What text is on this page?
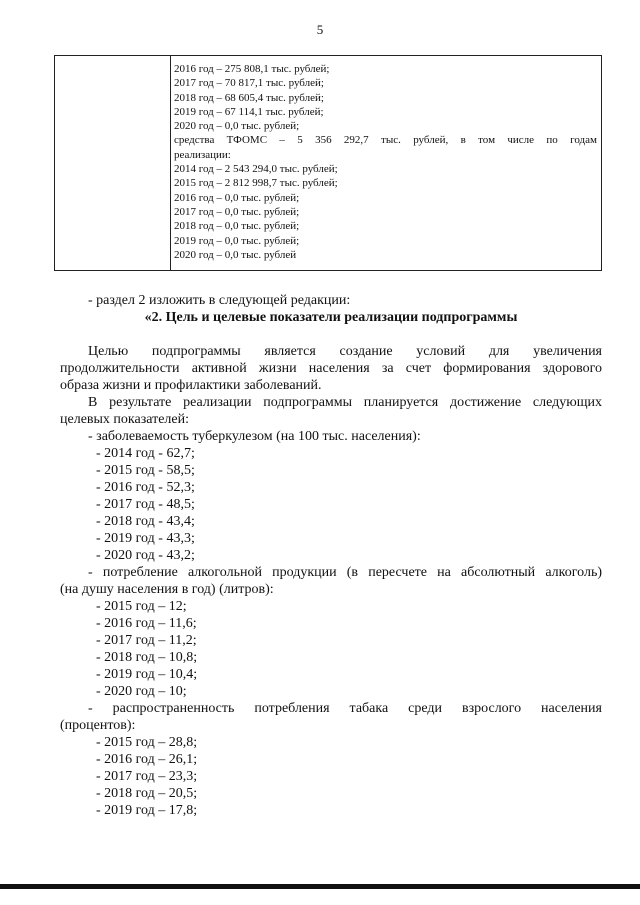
5
2016 год – 275 808,1 тыс. рублей;
2017 год – 70 817,1 тыс. рублей;
2018 год – 68 605,4 тыс. рублей;
2019 год – 67 114,1 тыс. рублей;
2020 год – 0,0 тыс. рублей;
средства ТФОМС – 5 356 292,7 тыс. рублей, в том числе по годам
реализации:
2014 год – 2 543 294,0 тыс. рублей;
2015 год – 2 812 998,7 тыс. рублей;
2016 год – 0,0 тыс. рублей;
2017 год – 0,0 тыс. рублей;
2018 год – 0,0 тыс. рублей;
2019 год – 0,0 тыс. рублей;
2020 год – 0,0 тыс. рублей
- раздел 2 изложить в следующей редакции:
«2. Цель и целевые показатели реализации подпрограммы
Целью подпрограммы является создание условий для увеличения
продолжительности активной жизни населения за счет формирования здорового
образа жизни и профилактики заболеваний.
В результате реализации подпрограммы планируется достижение следующих
целевых показателей:
- заболеваемость туберкулезом (на 100 тыс. населения):
- 2014 год - 62,7;
- 2015 год - 58,5;
- 2016 год - 52,3;
- 2017 год - 48,5;
- 2018 год - 43,4;
- 2019 год - 43,3;
- 2020 год - 43,2;
- потребление алкогольной продукции (в пересчете на абсолютный алкоголь)
(на душу населения в год) (литров):
- 2015 год – 12;
- 2016 год – 11,6;
- 2017 год – 11,2;
- 2018 год – 10,8;
- 2019 год – 10,4;
- 2020 год – 10;
- распространенность потребления табака среди взрослого населения
(процентов):
- 2015 год – 28,8;
- 2016 год – 26,1;
- 2017 год – 23,3;
- 2018 год – 20,5;
- 2019 год – 17,8;
